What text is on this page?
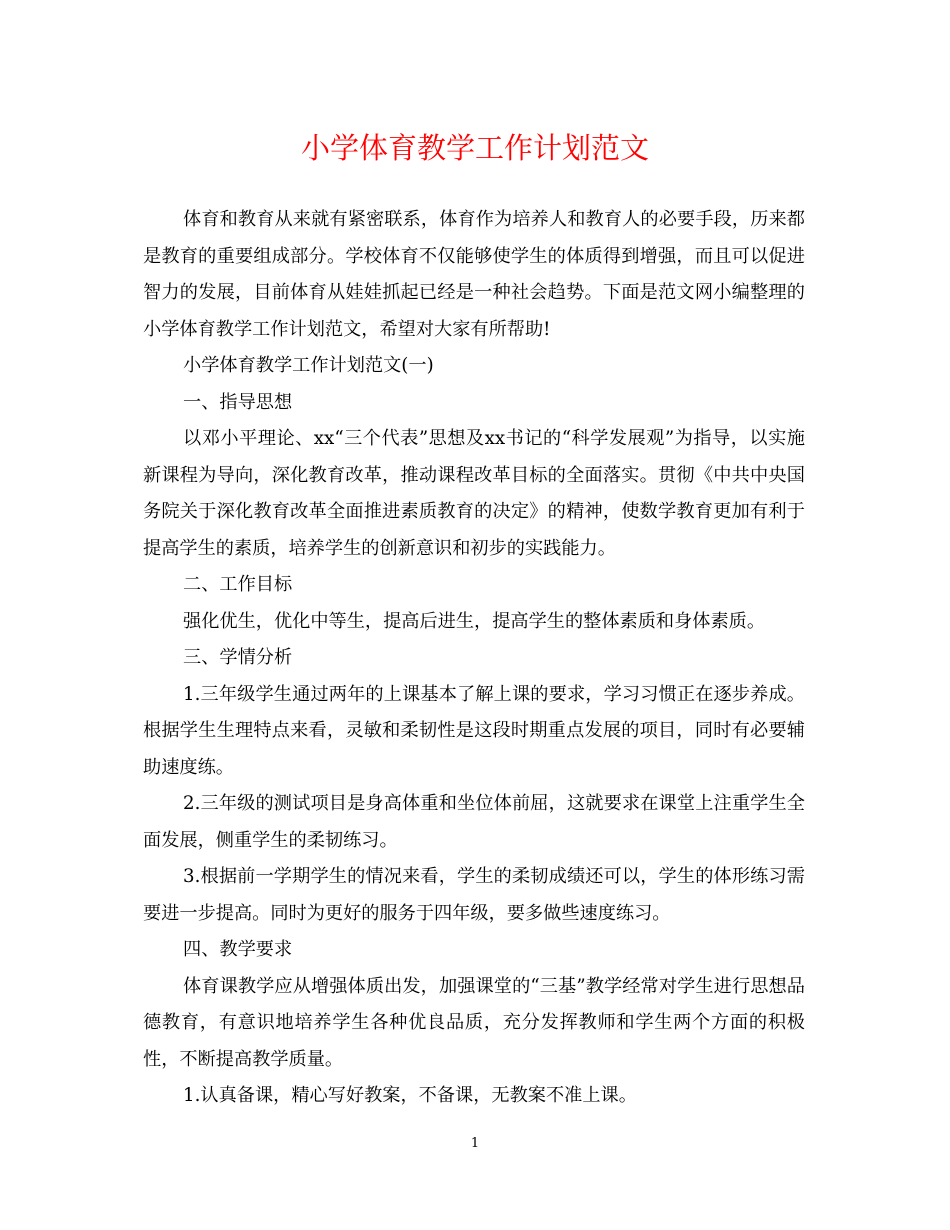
小学体育教学工作计划范文

体育和教育从来就有紧密联系，体育作为培养人和教育人的必要手段，历来都是教育的重要组成部分。学校体育不仅能够使学生的体质得到增强，而且可以促进智力的发展，目前体育从娃娃抓起已经是一种社会趋势。下面是范文网小编整理的小学体育教学工作计划范文，希望对大家有所帮助!

小学体育教学工作计划范文(一)

一、指导思想

以邓小平理论、xx“三个代表”思想及xx书记的“科学发展观”为指导，以实施新课程为导向，深化教育改革，推动课程改革目标的全面落实。贯彻《中共中央国务院关于深化教育改革全面推进素质教育的决定》的精神，使数学教育更加有利于提高学生的素质，培养学生的创新意识和初步的实践能力。

二、工作目标

强化优生，优化中等生，提高后进生，提高学生的整体素质和身体素质。

三、学情分析

1.三年级学生通过两年的上课基本了解上课的要求，学习习惯正在逐步养成。根据学生生理特点来看，灵敏和柔韧性是这段时期重点发展的项目，同时有必要辅助速度练。

2.三年级的测试项目是身高体重和坐位体前屈，这就要求在课堂上注重学生全面发展，侧重学生的柔韧练习。

3.根据前一学期学生的情况来看，学生的柔韧成绩还可以，学生的体形练习需要进一步提高。同时为更好的服务于四年级，要多做些速度练习。

四、教学要求

体育课教学应从增强体质出发，加强课堂的“三基”教学经常对学生进行思想品德教育，有意识地培养学生各种优良品质，充分发挥教师和学生两个方面的积极性，不断提高教学质量。

1.认真备课，精心写好教案，不备课，无教案不准上课。

1
